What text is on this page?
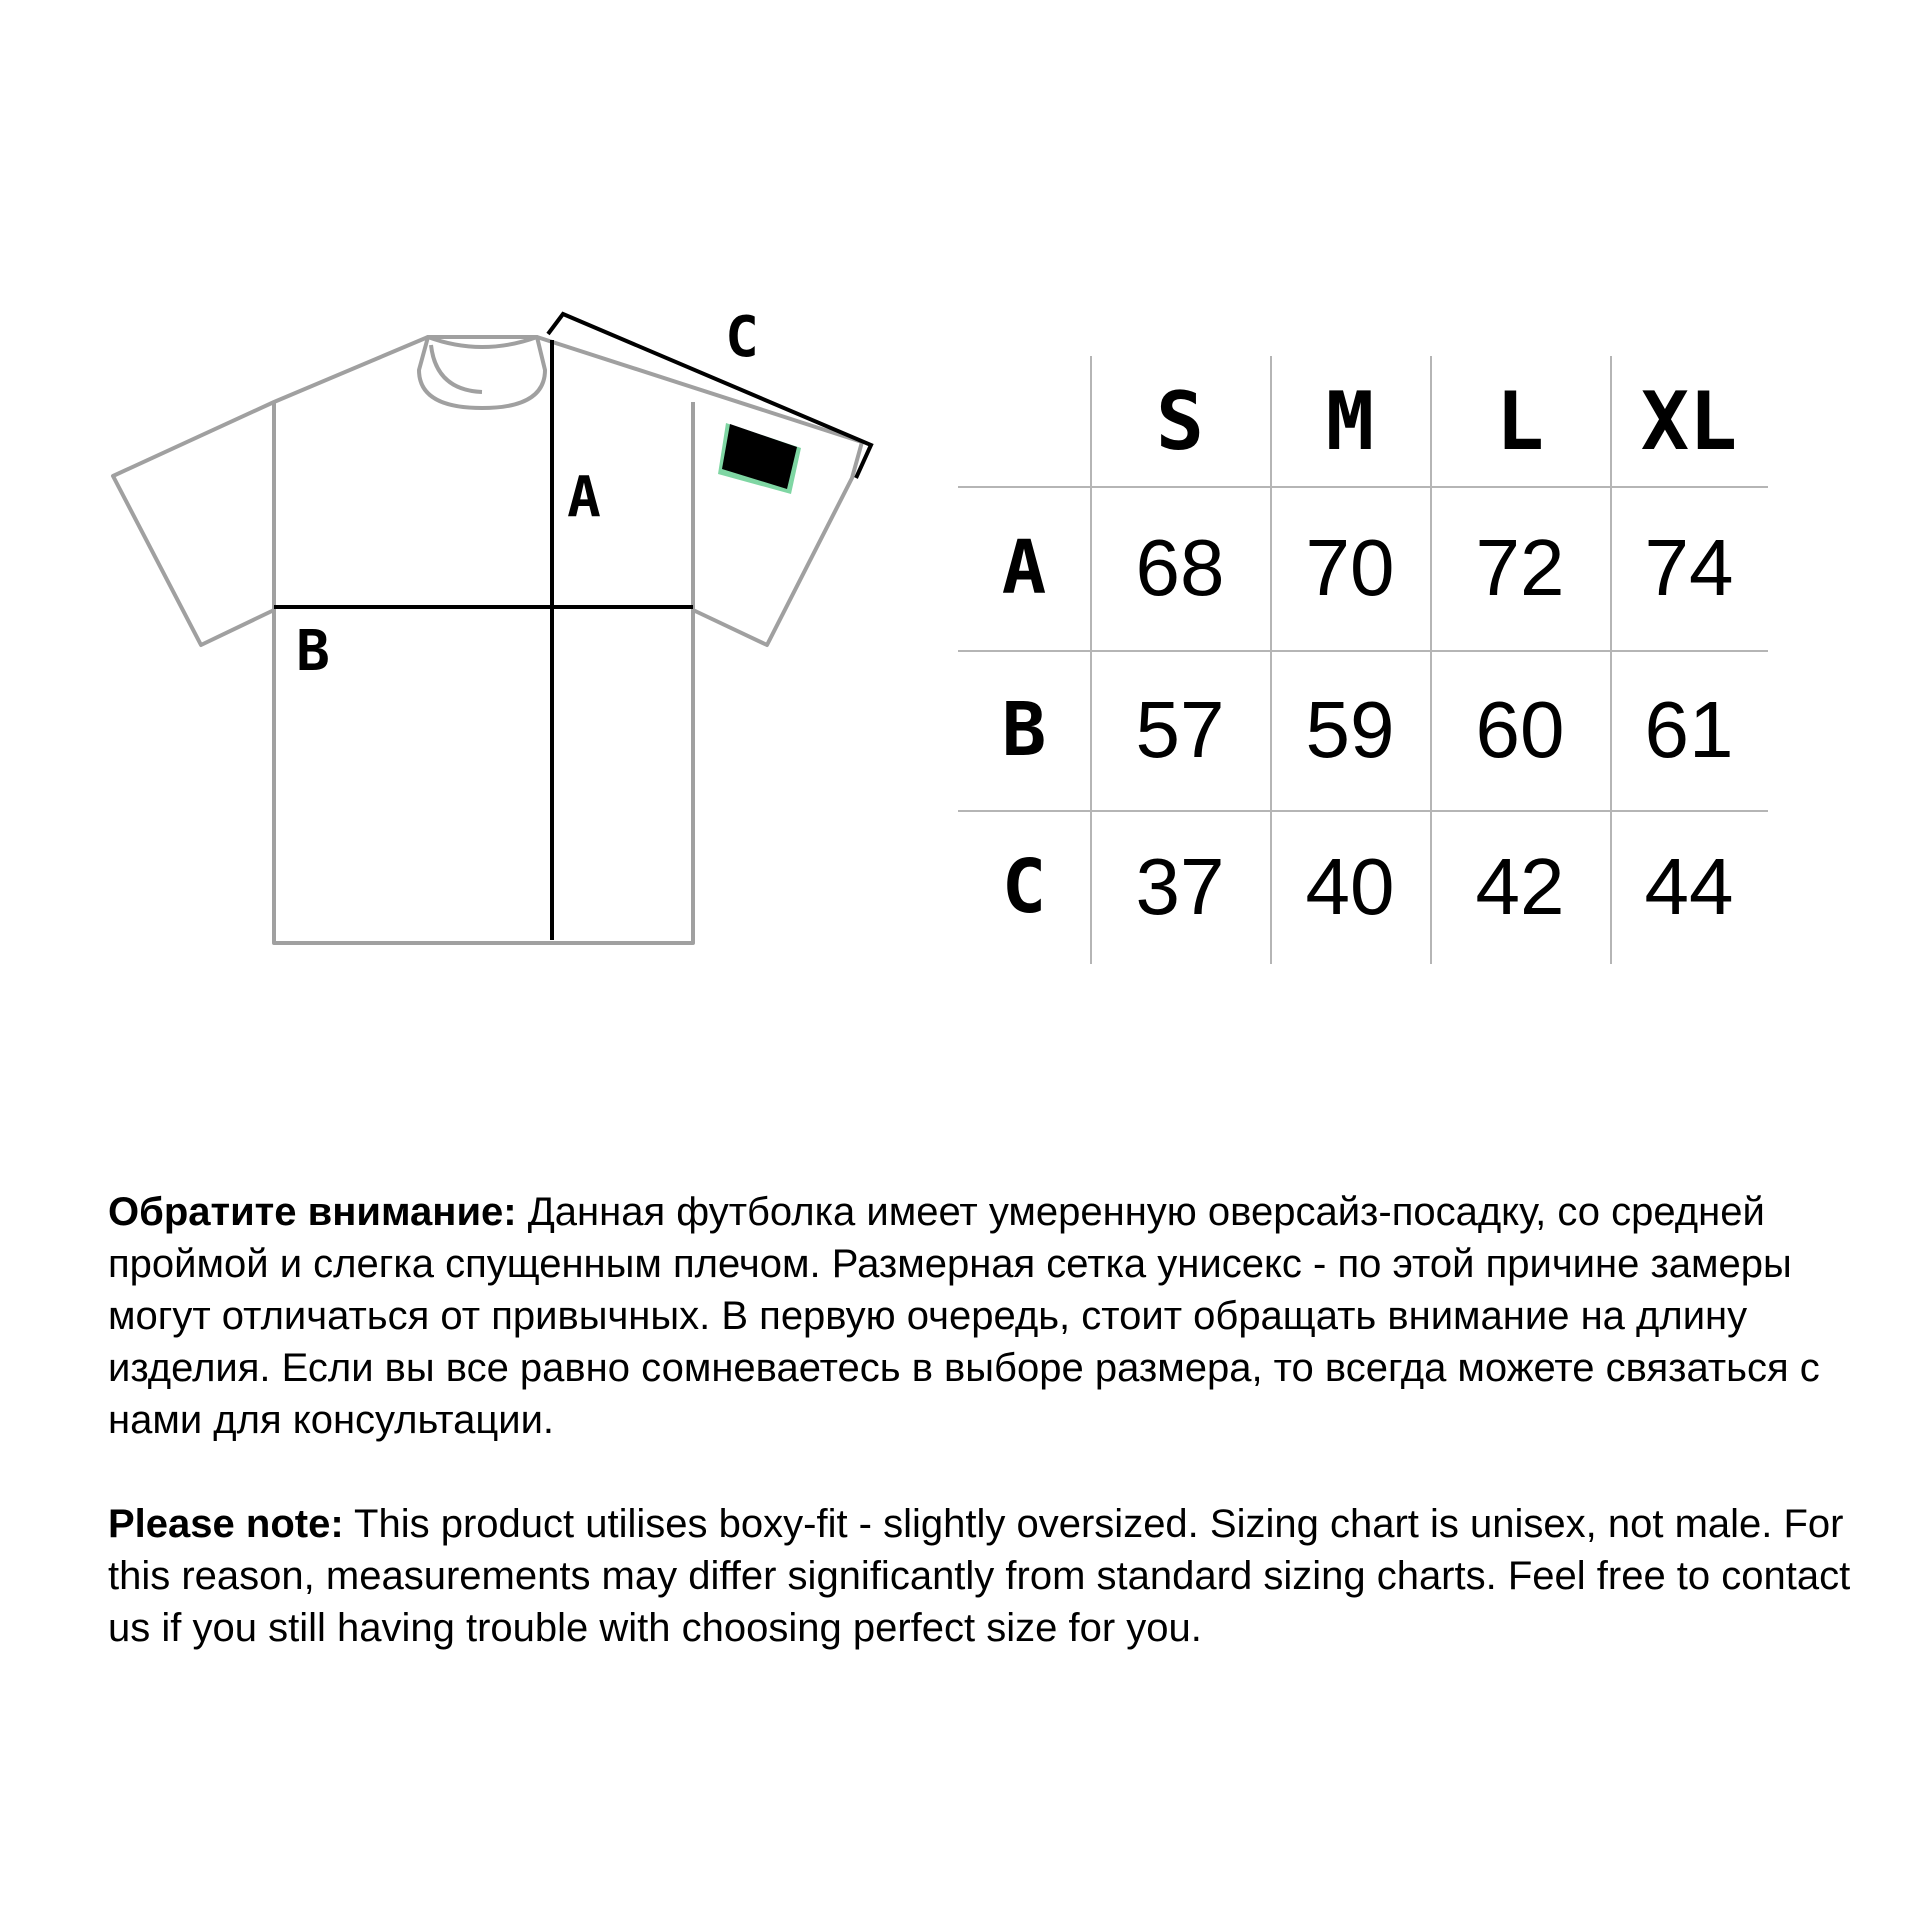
C
A
B
S	M	L	XL
A	68	70	72	74
B	57	59	60	61
C	37	40	42	44

Обратите внимание: Данная футболка имеет умеренную оверсайз-посадку, со средней проймой и слегка спущенным плечом. Размерная сетка унисекс - по этой причине замеры могут отличаться от привычных. В первую очередь, стоит обращать внимание на длину изделия. Если вы все равно сомневаетесь в выборе размера, то всегда можете связаться с нами для консультации.

Please note: This product utilises boxy-fit - slightly oversized. Sizing chart is unisex, not male. For this reason, measurements may differ significantly from standard sizing charts. Feel free to contact us if you still having trouble with choosing perfect size for you.
